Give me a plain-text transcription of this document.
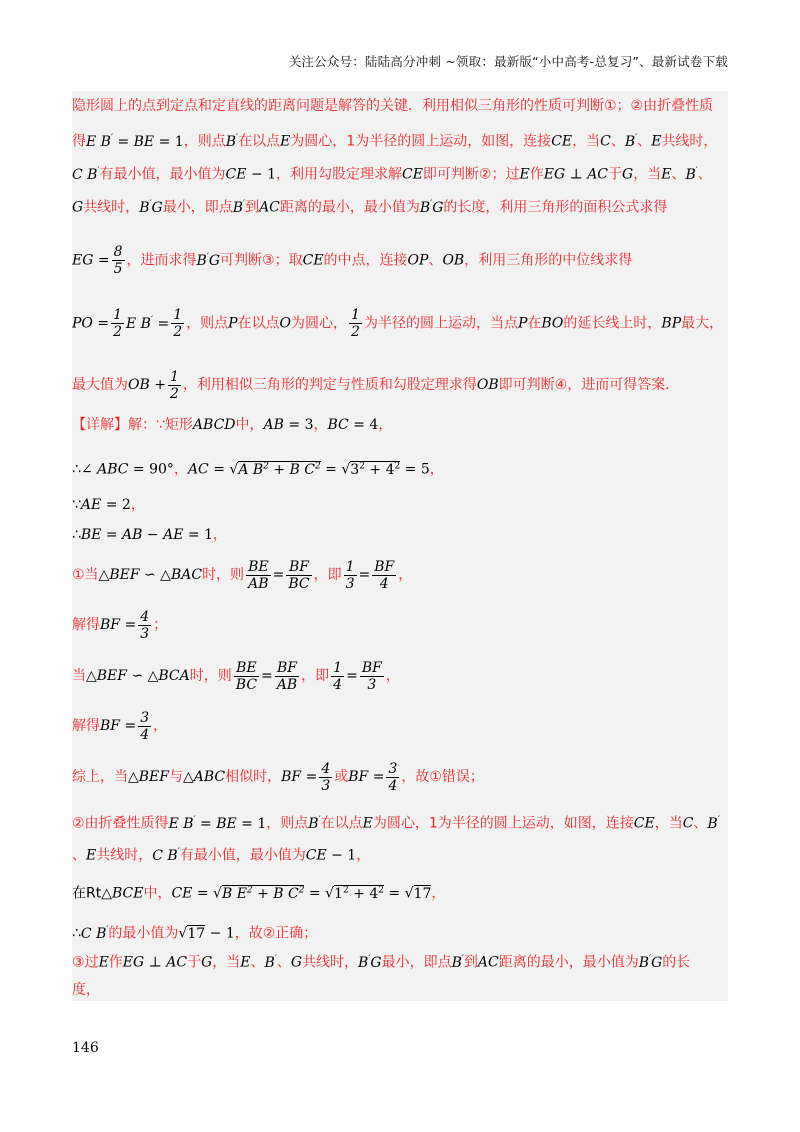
关注公众号：陆陆高分冲刺 ~领取：最新版“小中高考-总复习”、最新试卷下载
隐形圆上的点到定点和定直线的距离问题是解答的关键．利用相似三角形的性质可判断①；②由折叠性质
得E B′ = BE = 1，则点B′在以点E为圆心，1为半径的圆上运动，如图，连接CE，当C、B′、E共线时，
C B′有最小值，最小值为CE − 1，利用勾股定理求解CE即可判断②；过E作EG ⊥ AC于G，当E、B′、
G共线时，B′G最小，即点B′到AC距离的最小，最小值为B′G的长度，利用三角形的面积公式求得
EG = $\frac{8}{5}$ ，进而求得B′G可判断③；取CE的中点，连接OP、OB，利用三角形的中位线求得
PO = $\frac{1}{2}$ E $B' = \frac{1}{2}$ ，则点P在以点O为圆心， $\frac{1}{2}$ 为半径的圆上运动，当点P在BO的延长线上时，BP最大，
最大值为OB + $\frac{1}{2}$ ，利用相似三角形的判定与性质和勾股定理求得OB即可判断④，进而可得答案．
【详解】解：∵矩形ABCD中，AB = 3，BC = 4，
∴∠ ABC = 90°，AC = √A $B^2 + B$ $C^2 = √3^2 + 4^2 = 5$，
∵AE = 2，
∴BE = AB − AE = 1，
①当△BEF ∽ △BAC时，则 $\frac{BE}{AB} = \frac{BF}{BC}$ ，即 $\frac{1}{3} = \frac{BF}{4}$ ，
解得BF = $\frac{4}{3}$ ；
当△BEF ∽ △BCA时，则 $\frac{BE}{BC} = \frac{BF}{AB}$ ，即 $\frac{1}{4} = \frac{BF}{3}$ ，
解得BF = $\frac{3}{4}$ ，
综上，当△BEF与△ABC相似时，BF = $\frac{4}{3}$ 或BF = $\frac{3}{4}$ ，故①错误；
②由折叠性质得E B′ = BE = 1，则点B′在以点E为圆心，1为半径的圆上运动，如图，连接CE，当C、B′
、E共线时，C B′有最小值，最小值为CE − 1，
在Rt△BCE中，CE = √B $E^2 + B$ $C^2 = √1^2 + 4^2 = √17$，
∴C B′的最小值为√17 − 1，故②正确；
③过E作EG ⊥ AC于G，当E、B′、G共线时，B′G最小，即点B′到AC距离的最小，最小值为B′G的长
度，
146
